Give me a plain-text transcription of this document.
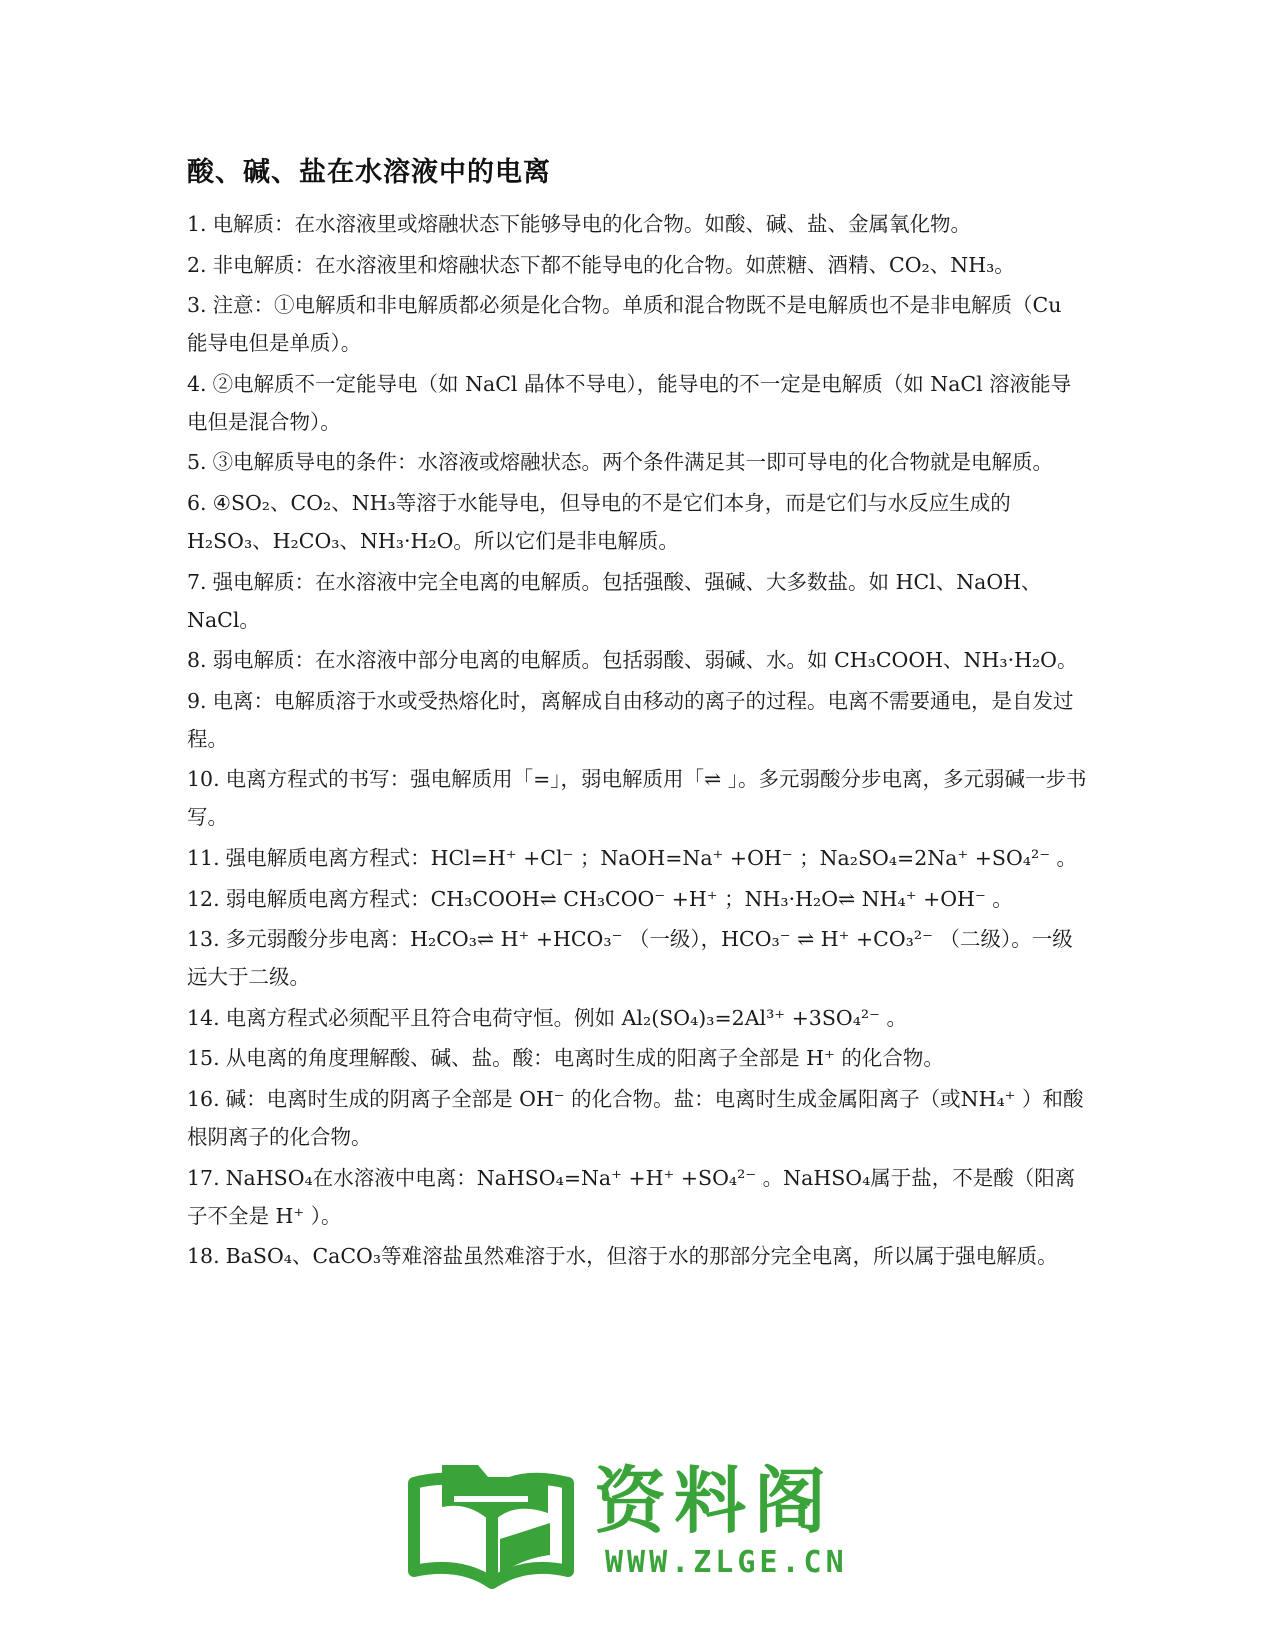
酸、碱、盐在水溶液中的电离
1. 电解质：在水溶液里或熔融状态下能够导电的化合物。如酸、碱、盐、金属氧化物。
2. 非电解质：在水溶液里和熔融状态下都不能导电的化合物。如蔗糖、酒精、CO₂、NH₃。
3. 注意：①电解质和非电解质都必须是化合物。单质和混合物既不是电解质也不是非电解质（Cu 能导电但是单质）。
4. ②电解质不一定能导电（如 NaCl 晶体不导电），能导电的不一定是电解质（如 NaCl 溶液能导电但是混合物）。
5. ③电解质导电的条件：水溶液或熔融状态。两个条件满足其一即可导电的化合物就是电解质。
6. ④SO₂、CO₂、NH₃等溶于水能导电，但导电的不是它们本身，而是它们与水反应生成的H₂SO₃、H₂CO₃、NH₃·H₂O。所以它们是非电解质。
7. 强电解质：在水溶液中完全电离的电解质。包括强酸、强碱、大多数盐。如 HCl、NaOH、NaCl。
8. 弱电解质：在水溶液中部分电离的电解质。包括弱酸、弱碱、水。如 CH₃COOH、NH₃·H₂O。
9. 电离：电解质溶于水或受热熔化时，离解成自由移动的离子的过程。电离不需要通电，是自发过程。
10. 电离方程式的书写：强电解质用「=」，弱电解质用「⇌ 」。多元弱酸分步电离，多元弱碱一步书写。
11. 强电解质电离方程式：HCl=H⁺ +Cl⁻ ；NaOH=Na⁺ +OH⁻ ；Na₂SO₄=2Na⁺ +SO₄²⁻ 。
12. 弱电解质电离方程式：CH₃COOH⇌ CH₃COO⁻ +H⁺ ；NH₃·H₂O⇌ NH₄⁺ +OH⁻ 。
13. 多元弱酸分步电离：H₂CO₃⇌ H⁺ +HCO₃⁻ （一级），HCO₃⁻ ⇌ H⁺ +CO₃²⁻ （二级）。一级远大于二级。
14. 电离方程式必须配平且符合电荷守恒。例如 Al₂(SO₄)₃=2Al³⁺ +3SO₄²⁻ 。
15. 从电离的角度理解酸、碱、盐。酸：电离时生成的阳离子全部是 H⁺ 的化合物。
16. 碱：电离时生成的阴离子全部是 OH⁻ 的化合物。盐：电离时生成金属阳离子（或NH₄⁺ ）和酸根阴离子的化合物。
17. NaHSO₄在水溶液中电离：NaHSO₄=Na⁺ +H⁺ +SO₄²⁻ 。NaHSO₄属于盐，不是酸（阳离子不全是 H⁺ ）。
18. BaSO₄、CaCO₃等难溶盐虽然难溶于水，但溶于水的那部分完全电离，所以属于强电解质。
资料阁
WWW.ZLGE.CN
